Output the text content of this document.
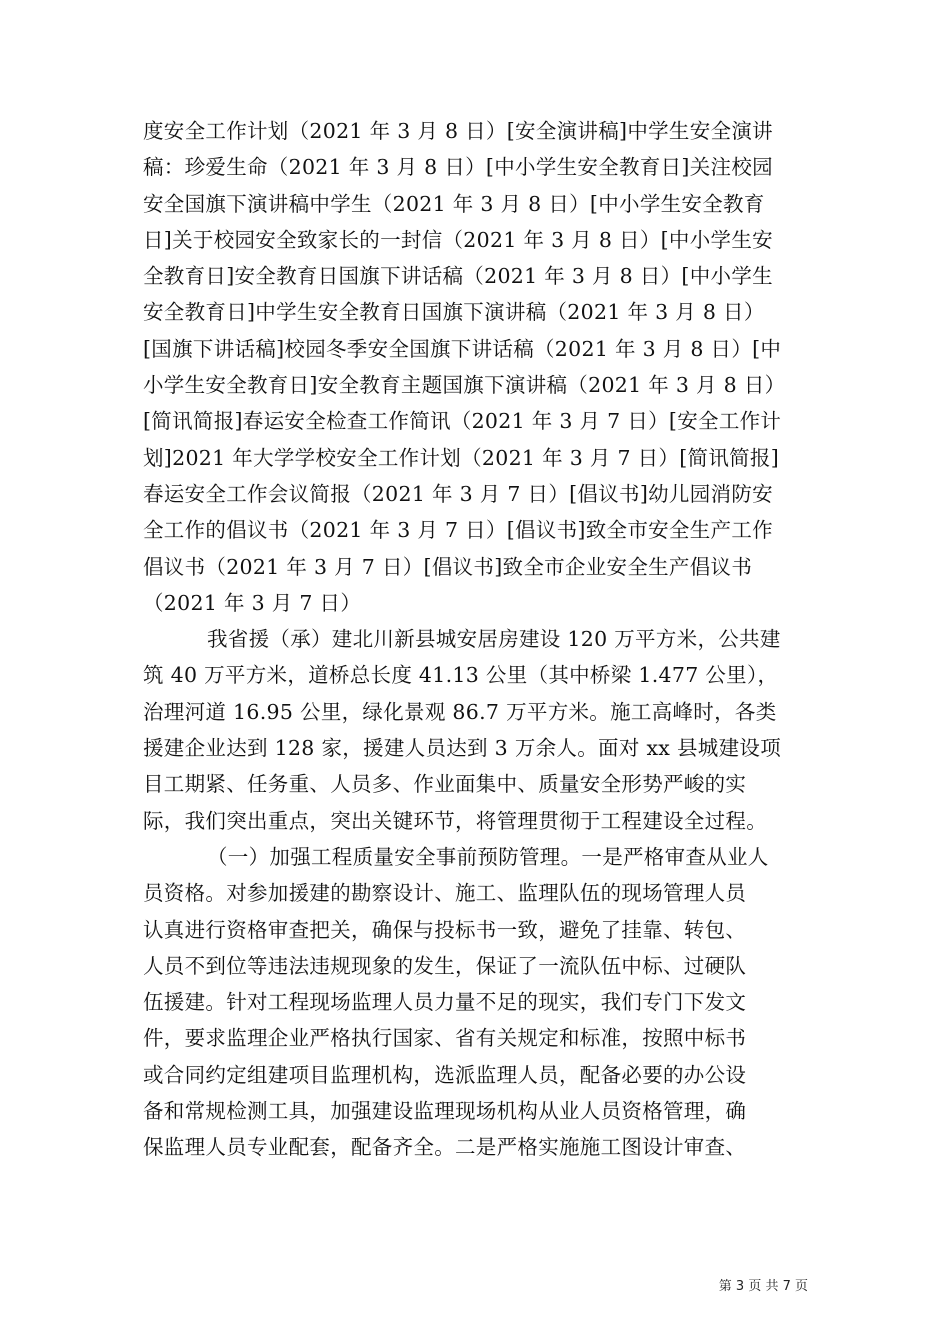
度安全工作计划（2021 年 3 月 8 日）[安全演讲稿]中学生安全演讲
稿：珍爱生命（2021 年 3 月 8 日）[中小学生安全教育日]关注校园
安全国旗下演讲稿中学生（2021 年 3 月 8 日）[中小学生安全教育
日]关于校园安全致家长的一封信（2021 年 3 月 8 日）[中小学生安
全教育日]安全教育日国旗下讲话稿（2021 年 3 月 8 日）[中小学生
安全教育日]中学生安全教育日国旗下演讲稿（2021 年 3 月 8 日）
[国旗下讲话稿]校园冬季安全国旗下讲话稿（2021 年 3 月 8 日）[中
小学生安全教育日]安全教育主题国旗下演讲稿（2021 年 3 月 8 日）
[简讯简报]春运安全检查工作简讯（2021 年 3 月 7 日）[安全工作计
划]2021 年大学学校安全工作计划（2021 年 3 月 7 日）[简讯简报]
春运安全工作会议简报（2021 年 3 月 7 日）[倡议书]幼儿园消防安
全工作的倡议书（2021 年 3 月 7 日）[倡议书]致全市安全生产工作
倡议书（2021 年 3 月 7 日）[倡议书]致全市企业安全生产倡议书
（2021 年 3 月 7 日）
我省援（承）建北川新县城安居房建设 120 万平方米，公共建
筑 40 万平方米，道桥总长度 41.13 公里（其中桥梁 1.477 公里），
治理河道 16.95 公里，绿化景观 86.7 万平方米。施工高峰时，各类
援建企业达到 128 家，援建人员达到 3 万余人。面对 xx 县城建设项
目工期紧、任务重、人员多、作业面集中、质量安全形势严峻的实
际，我们突出重点，突出关键环节，将管理贯彻于工程建设全过程。
（一）加强工程质量安全事前预防管理。一是严格审查从业人
员资格。对参加援建的勘察设计、施工、监理队伍的现场管理人员
认真进行资格审查把关，确保与投标书一致，避免了挂靠、转包、
人员不到位等违法违规现象的发生，保证了一流队伍中标、过硬队
伍援建。针对工程现场监理人员力量不足的现实，我们专门下发文
件，要求监理企业严格执行国家、省有关规定和标准，按照中标书
或合同约定组建项目监理机构，选派监理人员，配备必要的办公设
备和常规检测工具，加强建设监理现场机构从业人员资格管理，确
保监理人员专业配套，配备齐全。二是严格实施施工图设计审查、
第 3 页 共 7 页
